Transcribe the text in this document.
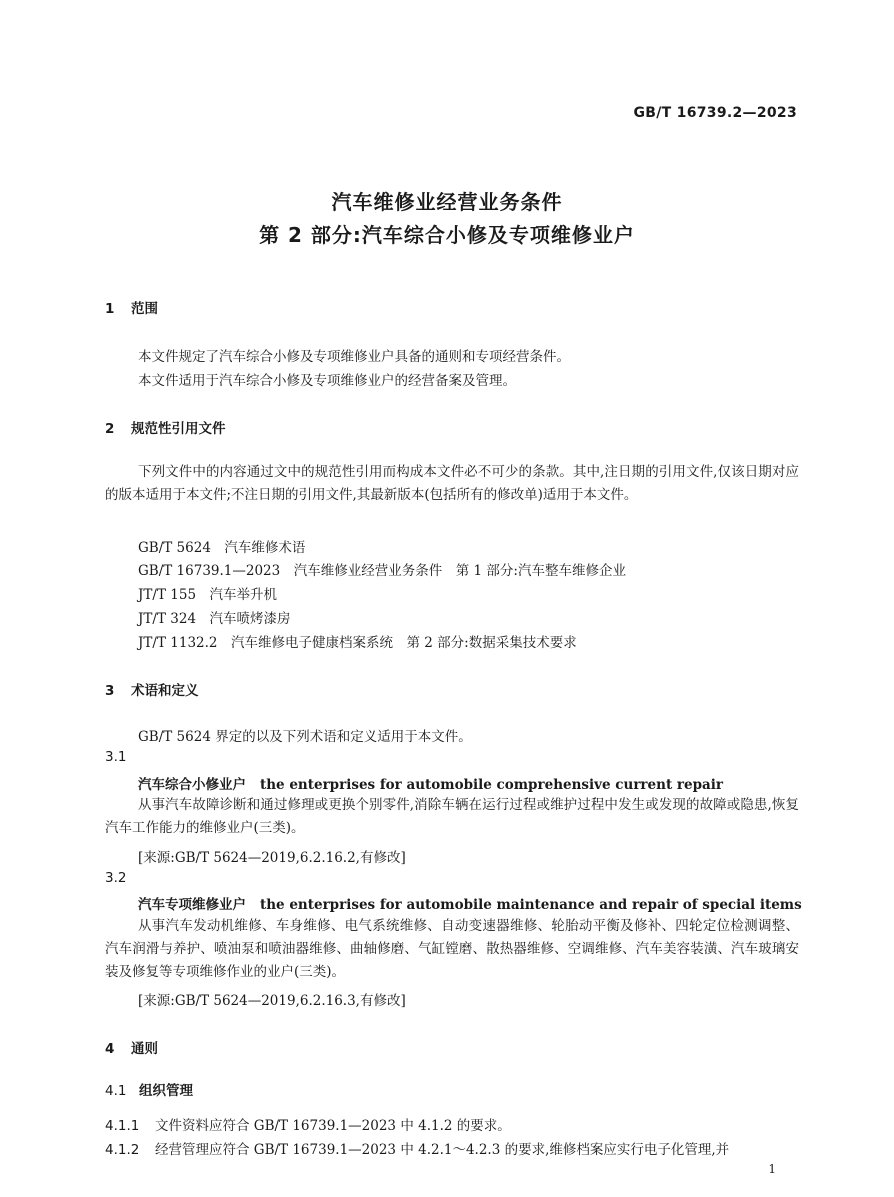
GB/T 16739.2—2023
汽车维修业经营业务条件
第 2 部分:汽车综合小修及专项维修业户
1 范围
本文件规定了汽车综合小修及专项维修业户具备的通则和专项经营条件。
本文件适用于汽车综合小修及专项维修业户的经营备案及管理。
2 规范性引用文件
下列文件中的内容通过文中的规范性引用而构成本文件必不可少的条款。其中,注日期的引用文件,仅该日期对应的版本适用于本文件;不注日期的引用文件,其最新版本(包括所有的修改单)适用于本文件。
GB/T 5624　 汽车维修术语
GB/T 16739.1—2023　 汽车维修业经营业务条件　第 1 部分:汽车整车维修企业
JT/T 155　 汽车举升机
JT/T 324　 汽车喷烤漆房
JT/T 1132.2　 汽车维修电子健康档案系统　第 2 部分:数据采集技术要求
3 术语和定义
GB/T 5624 界定的以及下列术语和定义适用于本文件。
3.1
汽车综合小修业户 the enterprises for automobile comprehensive current repair
从事汽车故障诊断和通过修理或更换个别零件,消除车辆在运行过程或维护过程中发生或发现的故障或隐患,恢复汽车工作能力的维修业户(三类)。
[来源:GB/T 5624—2019,6.2.16.2,有修改]
3.2
汽车专项维修业户 the enterprises for automobile maintenance and repair of special items
从事汽车发动机维修、车身维修、电气系统维修、自动变速器维修、轮胎动平衡及修补、四轮定位检测调整、汽车润滑与养护、喷油泵和喷油器维修、曲轴修磨、气缸镗磨、散热器维修、空调维修、汽车美容装潢、汽车玻璃安装及修复等专项维修作业的业户(三类)。
[来源:GB/T 5624—2019,6.2.16.3,有修改]
4 通则
4.1 组织管理
4.1.1 文件资料应符合 GB/T 16739.1—2023 中 4.1.2 的要求。
4.1.2 经营管理应符合 GB/T 16739.1—2023 中 4.2.1～4.2.3 的要求,维修档案应实行电子化管理,并
1
